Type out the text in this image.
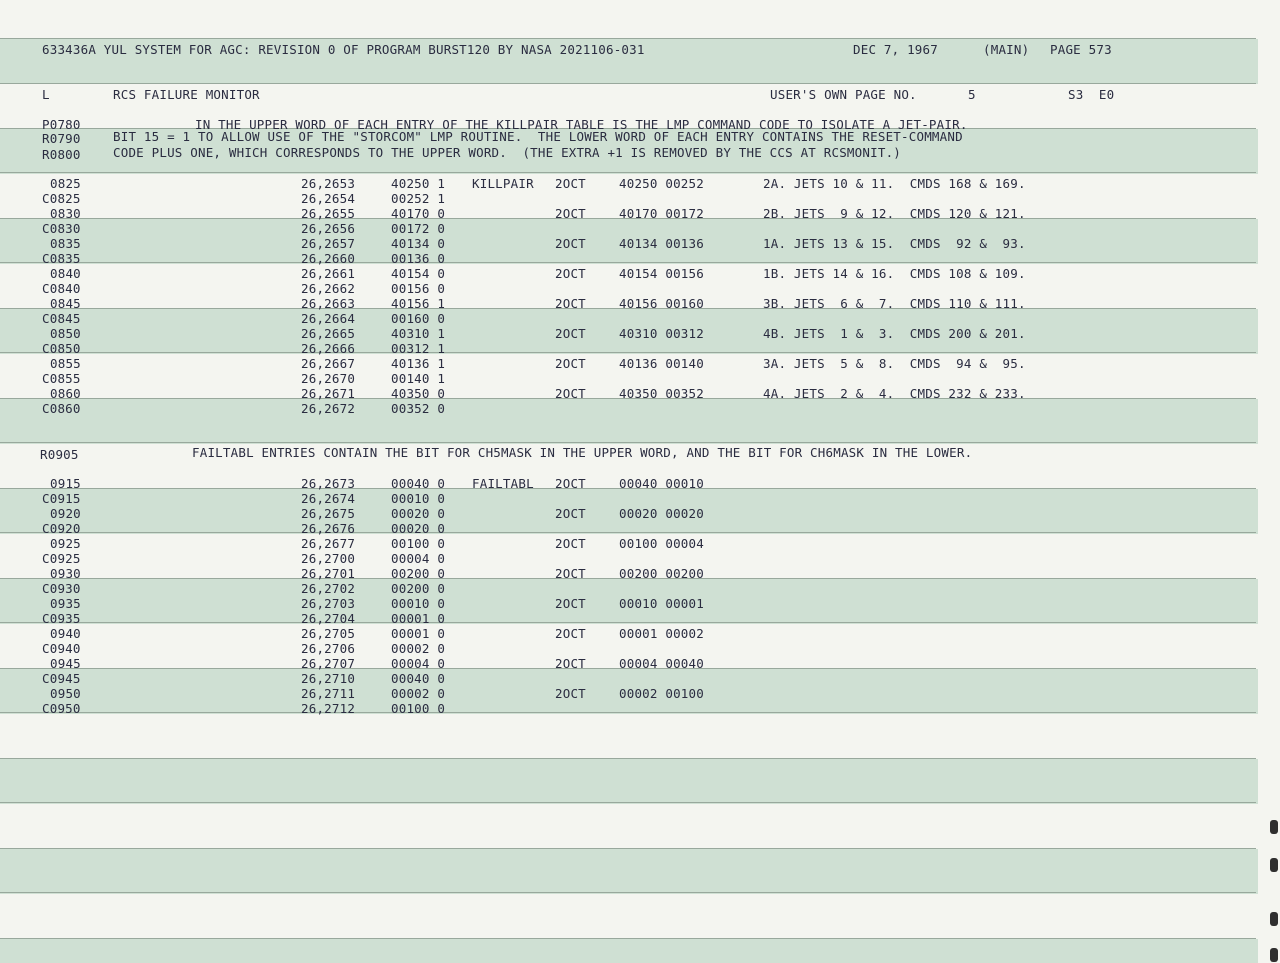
633436A YUL SYSTEM FOR AGC: REVISION 0 OF PROGRAM BURST120 BY NASA 2021106-031	DEC 7, 1967	(MAIN) PAGE 573
L	RCS FAILURE MONITOR	USER'S OWN PAGE NO.	5	S3  E0
P0780	IN THE UPPER WORD OF EACH ENTRY OF THE KILLPAIR TABLE IS THE LMP COMMAND CODE TO ISOLATE A JET-PAIR.
R0790	BIT 15 = 1 TO ALLOW USE OF THE "STORCOM" LMP ROUTINE.  THE LOWER WORD OF EACH ENTRY CONTAINS THE RESET-COMMAND
R0800	CODE PLUS ONE, WHICH CORRESPONDS TO THE UPPER WORD.  (THE EXTRA +1 IS REMOVED BY THE CCS AT RCSMONIT.)
0825	26,2653	40250 1 KILLPAIR 2OCT	40250 00252	2A. JETS 10 & 11.  CMDS 168 & 169.
C0825	26,2654	00252 1
0830	26,2655	40170 0	2OCT	40170 00172	2B. JETS  9 & 12.  CMDS 120 & 121.
C0830	26,2656	00172 0
0835	26,2657	40134 0	2OCT	40134 00136	1A. JETS 13 & 15.  CMDS  92 &  93.
C0835	26,2660	00136 0
0840	26,2661	40154 0	2OCT	40154 00156	1B. JETS 14 & 16.  CMDS 108 & 109.
C0840	26,2662	00156 0
0845	26,2663	40156 1	2OCT	40156 00160	3B. JETS  6 &  7.  CMDS 110 & 111.
C0845	26,2664	00160 0
0850	26,2665	40310 1	2OCT	40310 00312	4B. JETS  1 &  3.  CMDS 200 & 201.
C0850	26,2666	00312 1
0855	26,2667	40136 1	2OCT	40136 00140	3A. JETS  5 &  8.  CMDS  94 &  95.
C0855	26,2670	00140 1
0860	26,2671	40350 0	2OCT	40350 00352	4A. JETS  2 &  4.  CMDS 232 & 233.
C0860	26,2672	00352 0
R0905	FAILTABL ENTRIES CONTAIN THE BIT FOR CH5MASK IN THE UPPER WORD, AND THE BIT FOR CH6MASK IN THE LOWER.
0915	26,2673	00040 0 FAILTABL 2OCT	00040 00010
C0915	26,2674	00010 0
0920	26,2675	00020 0	2OCT	00020 00020
C0920	26,2676	00020 0
0925	26,2677	00100 0	2OCT	00100 00004
C0925	26,2700	00004 0
0930	26,2701	00200 0	2OCT	00200 00200
C0930	26,2702	00200 0
0935	26,2703	00010 0	2OCT	00010 00001
C0935	26,2704	00001 0
0940	26,2705	00001 0	2OCT	00001 00002
C0940	26,2706	00002 0
0945	26,2707	00004 0	2OCT	00004 00040
C0945	26,2710	00040 0
0950	26,2711	00002 0	2OCT	00002 00100
C0950	26,2712	00100 0
